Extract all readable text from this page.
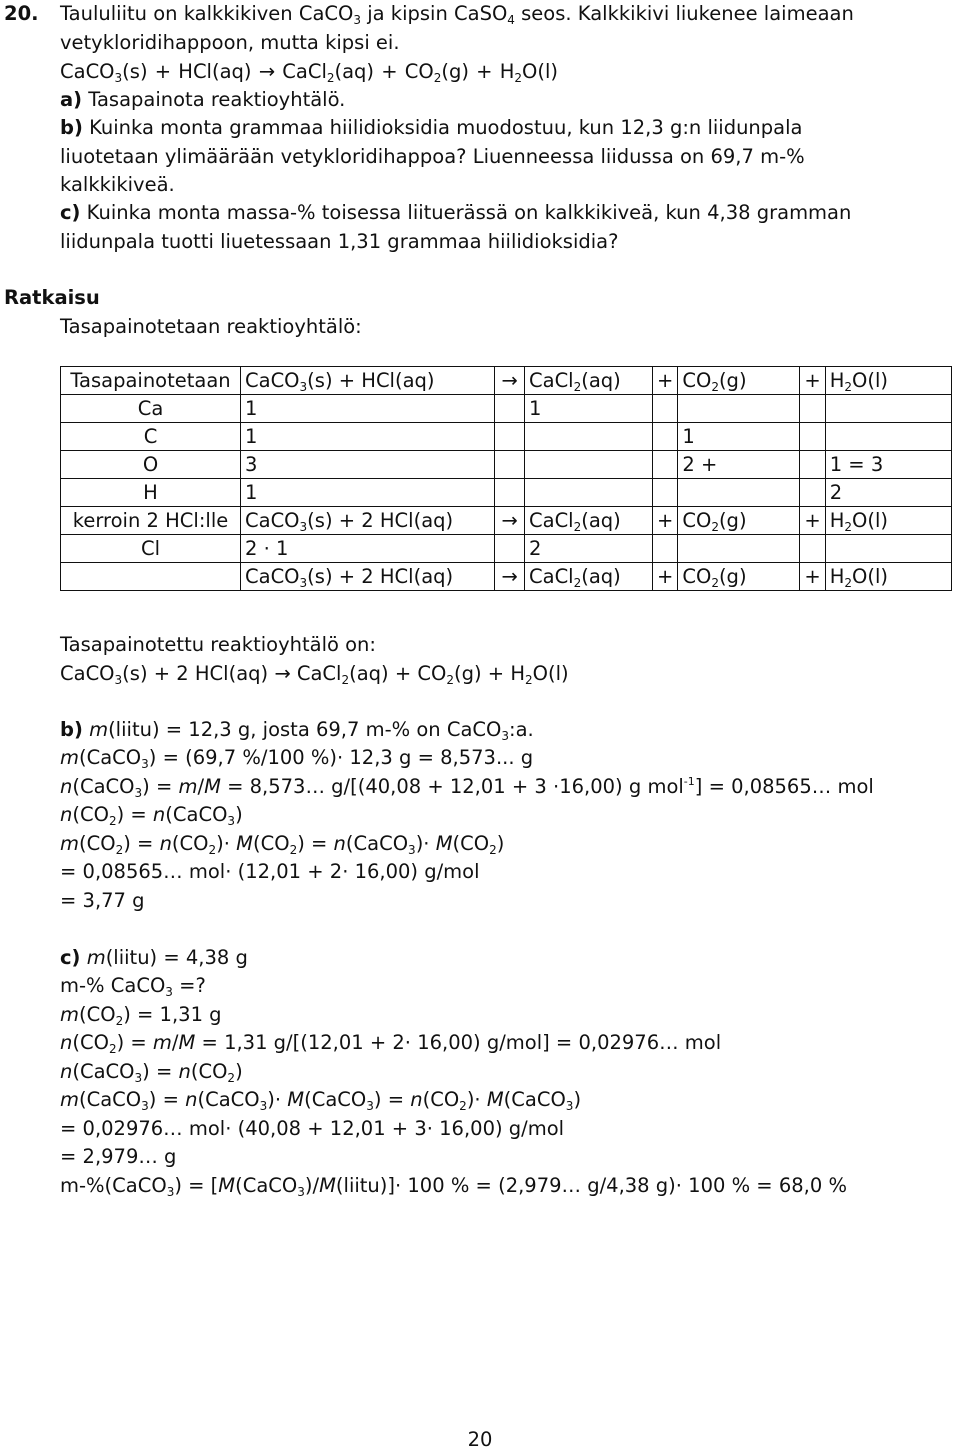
20. Taululiitu on kalkkikiven CaCO$_3$ ja kipsin CaSO$_4$ seos. Kalkkikivi liukenee laimeaan
vetykloridihappoon, mutta kipsi ei.
CaCO$_3$(s) + HCl(aq) → CaCl$_2$(aq) + $CO_2(g) + H_2O(l)$
a) Tasapainota reaktioyhtälö.
b) Kuinka monta grammaa hiilidioksidia muodostuu, kun 12,3 g:n liidunpala
liuotetaan ylimäärään vetykloridihappoa? Liuenneessa liidussa on 69,7 m-%
kalkkikiveä.
c) Kuinka monta massa-% toisessa liituerässä on kalkkikiveä, kun 4,38 gramman
liidunpala tuotti liuetessaan 1,31 grammaa hiilidioksidia?
Ratkaisu
Tasapainotetaan reaktioyhtälö:
Tasapainotetaan	CaCO$_3$(s) + HCl(aq)	→	CaCl$_2$(aq)	+	$CO_2(g)$	+	$H_2O(l)$
Ca	1		1				
C	1				1		
O	3				2 +		1 = 3
H	1						2
kerroin 2 HCl:lle	CaCO$_3$(s) + 2 HCl(aq)	→	CaCl$_2$(aq)	+	$CO_2(g)$	+	$H_2O(l)$
Cl	2 · 1		2				
	CaCO$_3$(s) + 2 HCl(aq)	→	CaCl$_2$(aq)	+	$CO_2(g)$	+	$H_2O(l)$
Tasapainotettu reaktioyhtälö on:
CaCO$_3$(s) + 2 HCl(aq) → CaCl$_2$(aq) + $CO_2(g) + H_2O(l)$
b) m(liitu) = 12,3 g, josta 69,7 m-% on CaCO$_3$:a.
m(CaCO$_3$) = (69,7 %/100 %)· 12,3 g = 8,573... g
n(CaCO$_3$) = m/M = 8,573… g/[(40,08 + 12,01 + 3 ·16,00) g mol$^{-1}$] = 0,08565… mol
$n(CO_2)$ = n(CaCO$_3$)
$m(CO_2) = n(CO_2)\cdot M(CO_2)$ = n(CaCO$_3$)· $M(CO_2)$
= 0,08565… mol· (12,01 + 2· 16,00) g/mol
= 3,77 g
c) m(liitu) = 4,38 g
m-% CaCO$_3$ =?
$m(CO_2) = 1,31$ g
$n(CO_2) = m/M = 1,31$ g/[(12,01 + 2· 16,00) g/mol] = 0,02976… mol
n(CaCO$_3$) = $n(CO_2)$
m(CaCO$_3$) = n(CaCO$_3$)· M(CaCO$_3$) = $n(CO_2)\cdot$ M(CaCO$_3$)
= 0,02976… mol· (40,08 + 12,01 + 3· 16,00) g/mol
= 2,979… g
m-%(CaCO$_3$) = [M(CaCO$_3$)/M(liitu)]· 100 % = (2,979… g/4,38 g)· 100 % = 68,0 %
20
